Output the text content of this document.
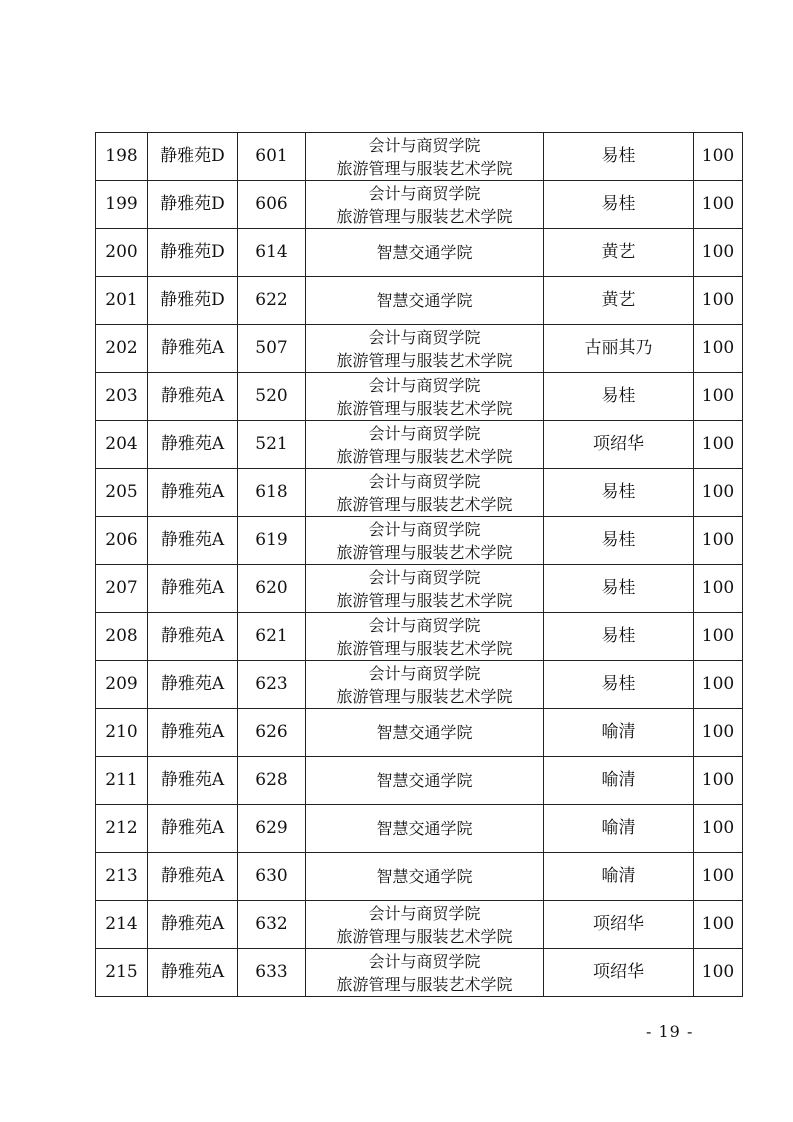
198	静雅苑D	601	会计与商贸学院
旅游管理与服装艺术学院	易桂	100
199	静雅苑D	606	会计与商贸学院
旅游管理与服装艺术学院	易桂	100
200	静雅苑D	614	智慧交通学院	黄艺	100
201	静雅苑D	622	智慧交通学院	黄艺	100
202	静雅苑A	507	会计与商贸学院
旅游管理与服装艺术学院	古丽其乃	100
203	静雅苑A	520	会计与商贸学院
旅游管理与服装艺术学院	易桂	100
204	静雅苑A	521	会计与商贸学院
旅游管理与服装艺术学院	项绍华	100
205	静雅苑A	618	会计与商贸学院
旅游管理与服装艺术学院	易桂	100
206	静雅苑A	619	会计与商贸学院
旅游管理与服装艺术学院	易桂	100
207	静雅苑A	620	会计与商贸学院
旅游管理与服装艺术学院	易桂	100
208	静雅苑A	621	会计与商贸学院
旅游管理与服装艺术学院	易桂	100
209	静雅苑A	623	会计与商贸学院
旅游管理与服装艺术学院	易桂	100
210	静雅苑A	626	智慧交通学院	喻清	100
211	静雅苑A	628	智慧交通学院	喻清	100
212	静雅苑A	629	智慧交通学院	喻清	100
213	静雅苑A	630	智慧交通学院	喻清	100
214	静雅苑A	632	会计与商贸学院
旅游管理与服装艺术学院	项绍华	100
215	静雅苑A	633	会计与商贸学院
旅游管理与服装艺术学院	项绍华	100
- 19 -
